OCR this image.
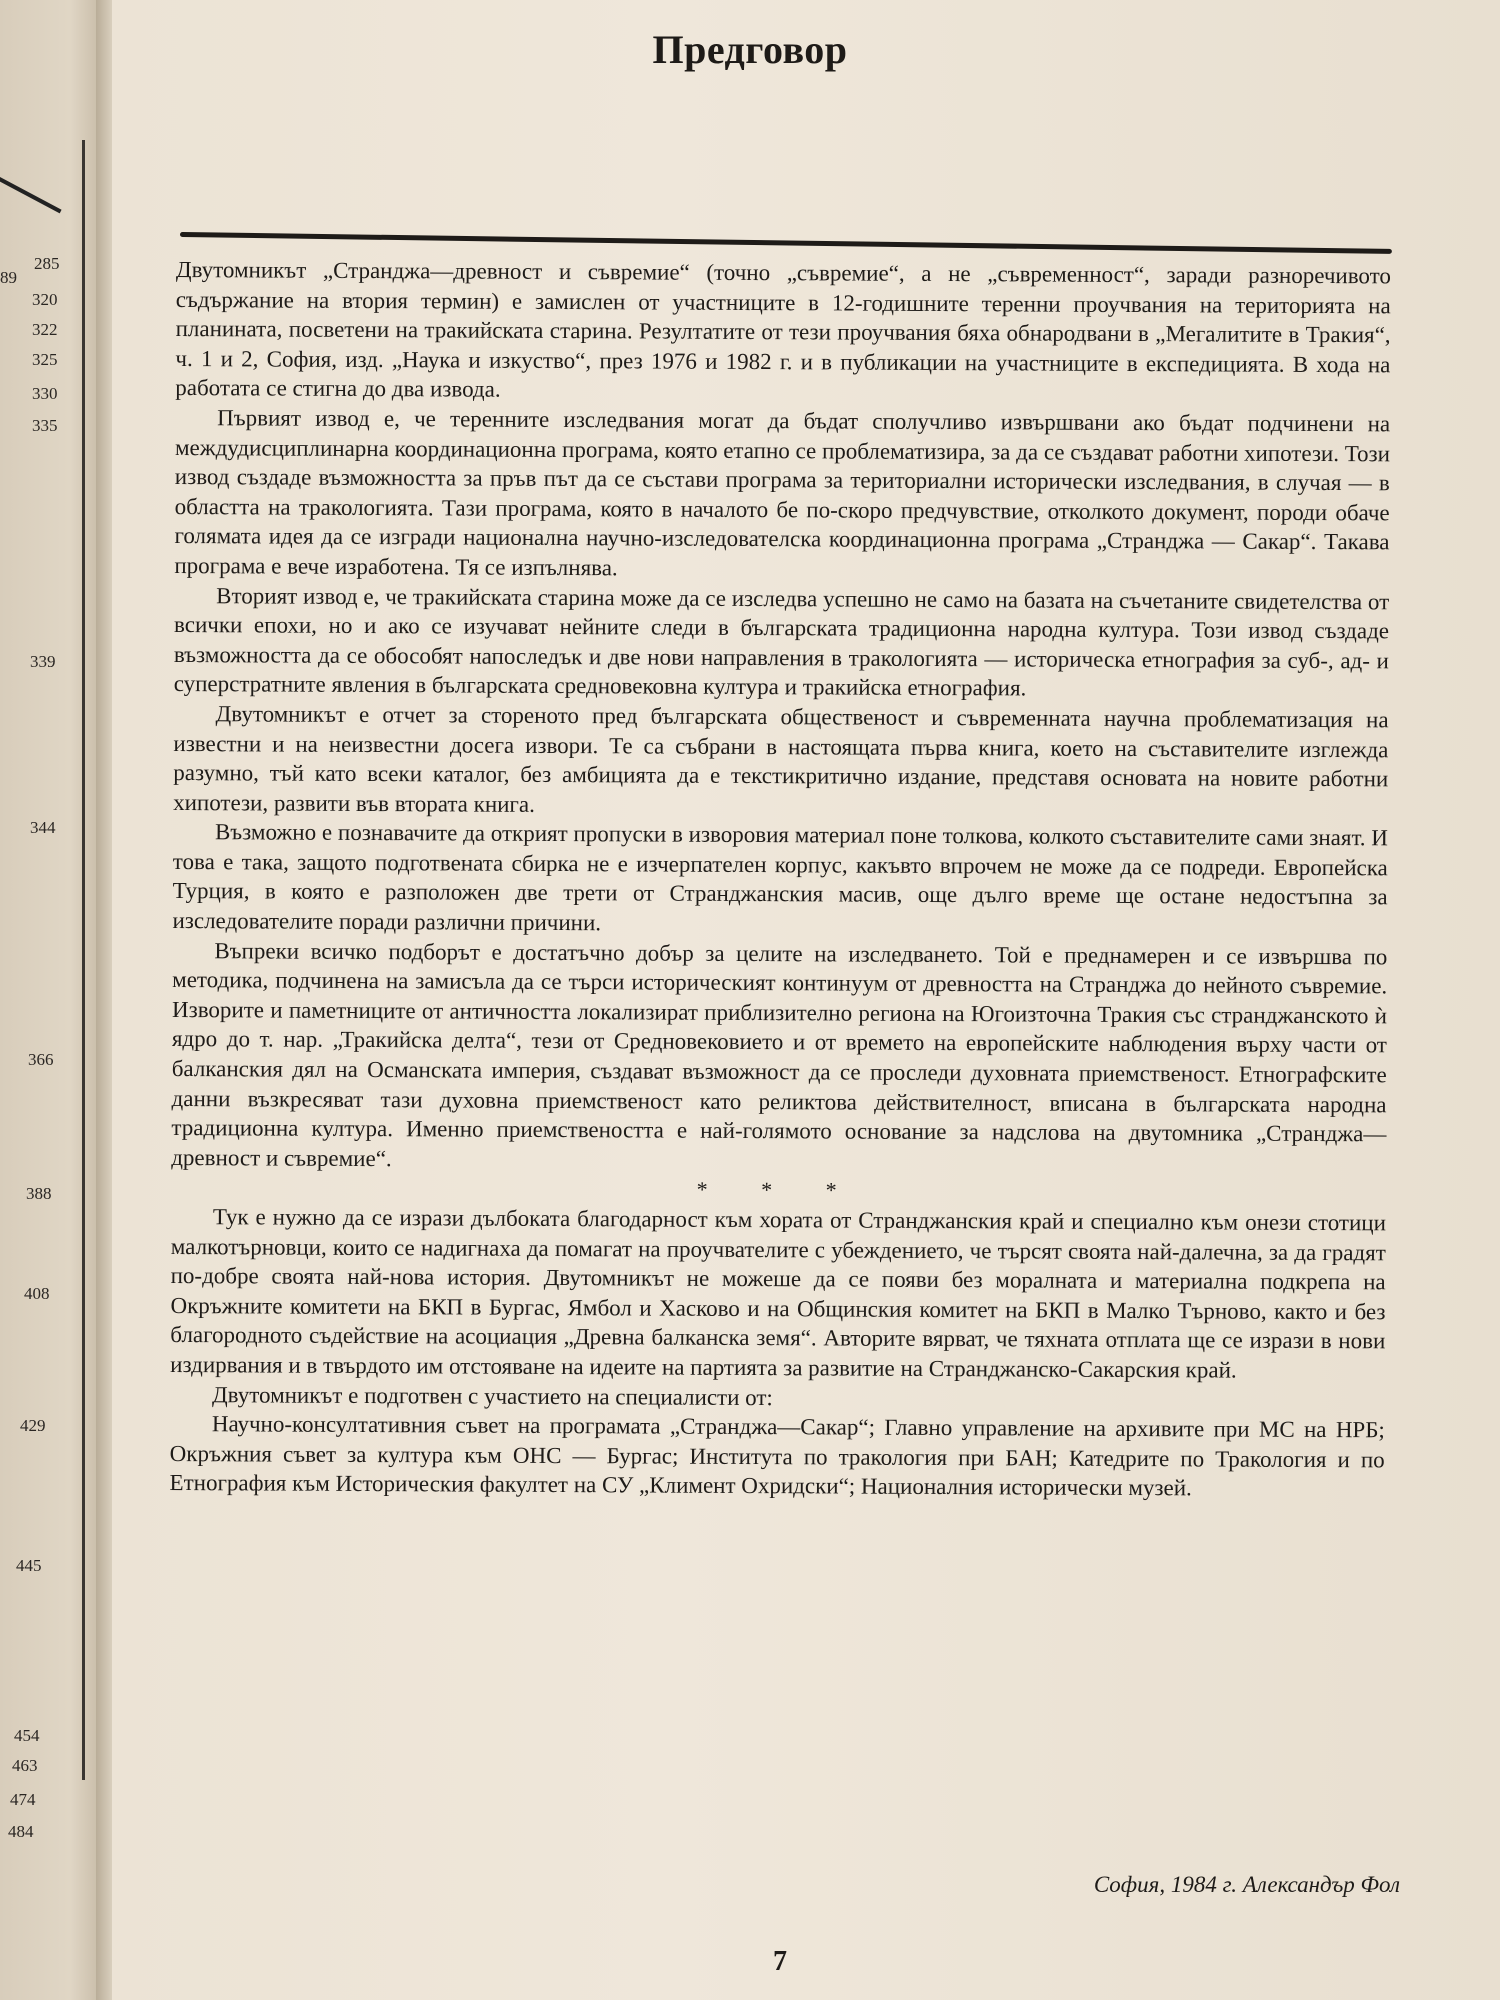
285
89
320
322
325
330
335
339
344
366
388
408
429
445
454
463
474
484
Предговор

Двутомникът „Странджа—древност и съвремие“ (точно „съвремие“, а не „съвременност“, заради разноречивото съдържание на втория термин) е замислен от участниците в 12-годишните теренни проучвания на територията на планината, посветени на тракийската старина. Резултатите от тези проучвания бяха обнародвани в „Мегалитите в Тракия“, ч. 1 и 2, София, изд. „Наука и изкуство“, през 1976 и 1982 г. и в публикации на участниците в експедицията. В хода на работата се стигна до два извода.

Първият извод е, че теренните изследвания могат да бъдат сполучливо извършвани ако бъдат подчинени на междудисциплинарна координационна програма, която етапно се проблематизира, за да се създават работни хипотези. Този извод създаде възможността за пръв път да се състави програма за териториални исторически изследвания, в случая — в областта на тракологията. Тази програма, която в началото бе по-скоро предчувствие, отколкото документ, породи обаче голямата идея да се изгради национална научно-изследователска координационна програма „Странджа — Сакар“. Такава програма е вече изработена. Тя се изпълнява.

Вторият извод е, че тракийската старина може да се изследва успешно не само на базата на съчетаните свидетелства от всички епохи, но и ако се изучават нейните следи в българската традиционна народна култура. Този извод създаде възможността да се обособят напоследък и две нови направления в тракологията — историческа етнография за суб-, ад- и суперстратните явления в българската средновековна култура и тракийска етнография.

Двутомникът е отчет за стореното пред българската общественост и съвременната научна проблематизация на известни и на неизвестни досега извори. Те са събрани в настоящата първа книга, което на съставителите изглежда разумно, тъй като всеки каталог, без амбицията да е текстикритично издание, представя основата на новите работни хипотези, развити във втората книга.

Възможно е познавачите да открият пропуски в изворовия материал поне толкова, колкото съставителите сами знаят. И това е така, защото подготвената сбирка не е изчерпателен корпус, какъвто впрочем не може да се подреди. Европейска Турция, в която е разположен две трети от Странджанския масив, още дълго време ще остане недостъпна за изследователите поради различни причини.

Въпреки всичко подборът е достатъчно добър за целите на изследването. Той е преднамерен и се извършва по методика, подчинена на замисъла да се търси историческият континуум от древността на Странджа до нейното съвремие. Изворите и паметниците от античността локализират приблизително региона на Югоизточна Тракия със странджанското ѝ ядро до т. нар. „Тракийска делта“, тези от Средновековието и от времето на европейските наблюдения върху части от балканския дял на Османската империя, създават възможност да се проследи духовната приемственост. Етнографските данни възкресяват тази духовна приемственост като реликтова действителност, вписана в българската народна традиционна култура. Именно приемствеността е най-голямото основание за надслова на двутомника „Странджа—древност и съвремие“.

* * *

Тук е нужно да се изрази дълбоката благодарност към хората от Странджанския край и специално към онези стотици малкотърновци, които се надигнаха да помагат на проучвателите с убеждението, че търсят своята най-далечна, за да градят по-добре своята най-нова история. Двутомникът не можеше да се появи без моралната и материална подкрепа на Окръжните комитети на БКП в Бургас, Ямбол и Хасково и на Общинския комитет на БКП в Малко Търново, както и без благородното съдействие на асоциация „Древна балканска земя“. Авторите вярват, че тяхната отплата ще се изрази в нови издирвания и в твърдото им отстояване на идеите на партията за развитие на Странджанско-Сакарския край.

Двутомникът е подготвен с участието на специалисти от:

Научно-консултативния съвет на програмата „Странджа—Сакар“; Главно управление на архивите при МС на НРБ; Окръжния съвет за култура към ОНС — Бургас; Института по тракология при БАН; Катедрите по Тракология и по Етнография към Историческия факултет на СУ „Климент Охридски“; Националния исторически музей.

София, 1984 г. Александър Фол
7
